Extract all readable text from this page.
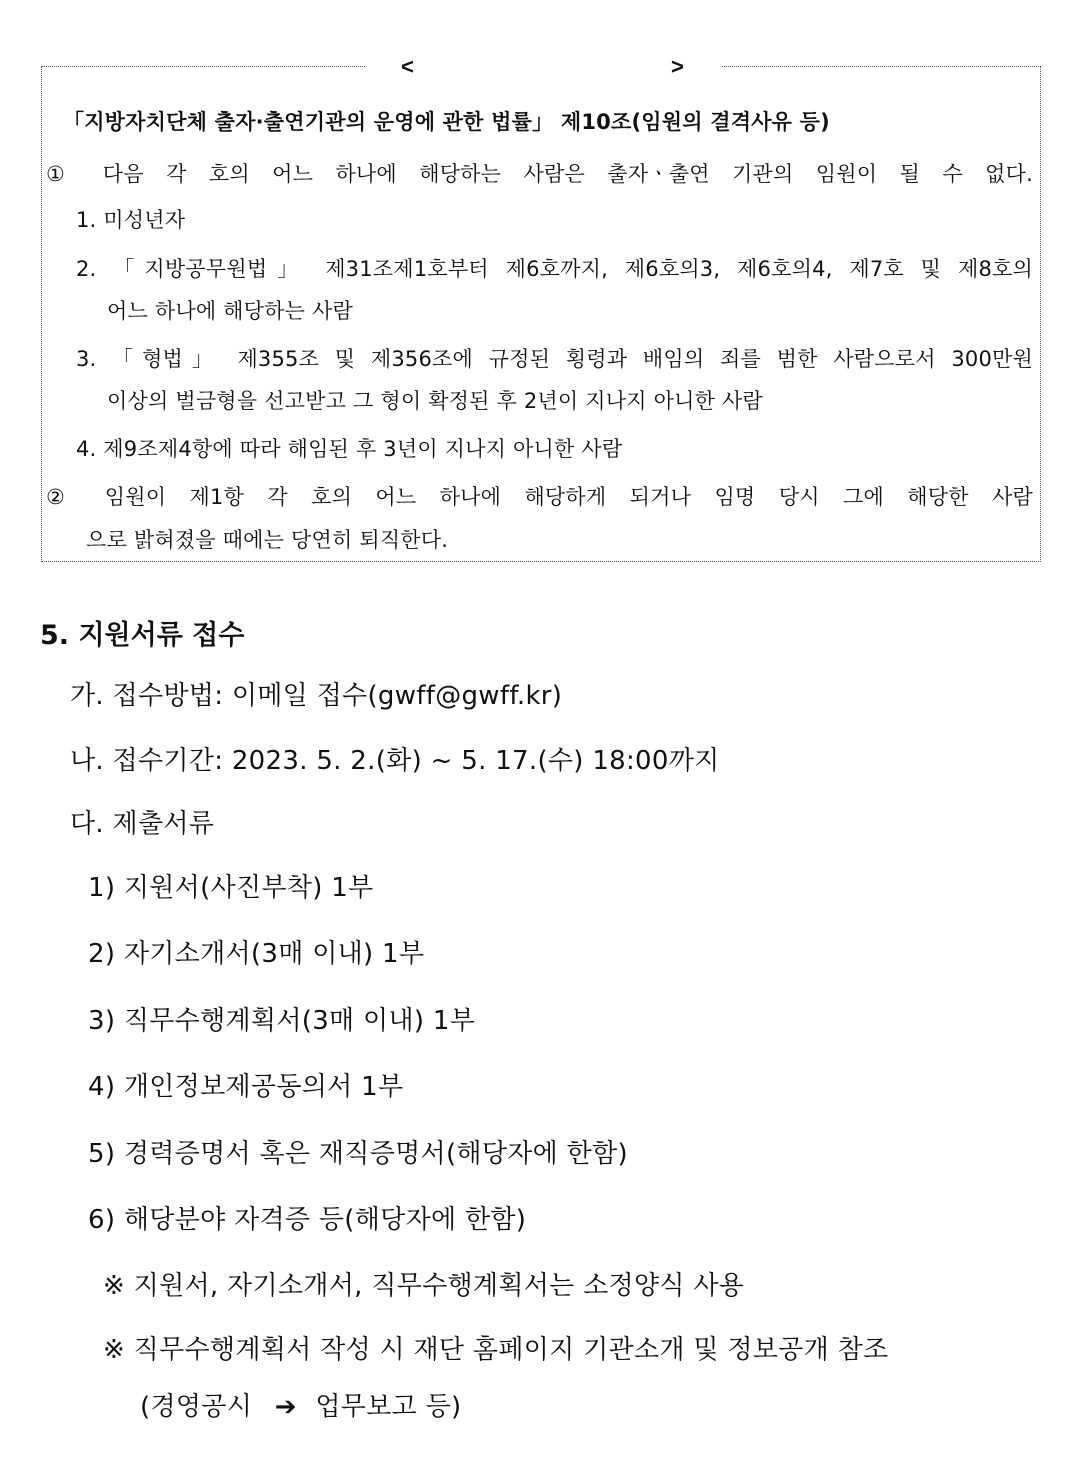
<	>
「지방자치단체 출자·출연기관의 운영에 관한 법률」 제10조(임원의 결격사유 등)
① 다음 각 호의 어느 하나에 해당하는 사람은 출자ㆍ출연 기관의 임원이 될 수 없다.
1. 미성년자
2. 「지방공무원법」 제31조제1호부터 제6호까지, 제6호의3, 제6호의4, 제7호 및 제8호의
어느 하나에 해당하는 사람
3. 「형법」 제355조 및 제356조에 규정된 횡령과 배임의 죄를 범한 사람으로서 300만원
이상의 벌금형을 선고받고 그 형이 확정된 후 2년이 지나지 아니한 사람
4. 제9조제4항에 따라 해임된 후 3년이 지나지 아니한 사람
② 임원이 제1항 각 호의 어느 하나에 해당하게 되거나 임명 당시 그에 해당한 사람
으로 밝혀졌을 때에는 당연히 퇴직한다.
5. 지원서류 접수
가. 접수방법: 이메일 접수(gwff@gwff.kr)
나. 접수기간: 2023. 5. 2.(화) ~ 5. 17.(수) 18:00까지
다. 제출서류
1) 지원서(사진부착) 1부
2) 자기소개서(3매 이내) 1부
3) 직무수행계획서(3매 이내) 1부
4) 개인정보제공동의서 1부
5) 경력증명서 혹은 재직증명서(해당자에 한함)
6) 해당분야 자격증 등(해당자에 한함)
※ 지원서, 자기소개서, 직무수행계획서는 소정양식 사용
※ 직무수행계획서 작성 시 재단 홈페이지 기관소개 및 정보공개 참조
(경영공시 ➔ 업무보고 등)
